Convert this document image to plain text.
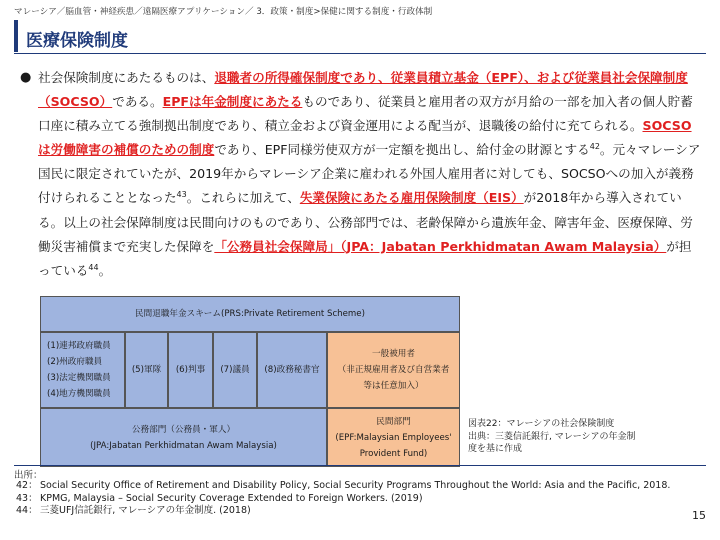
マレーシア／脳血管・神経疾患／遠隔医療アプリケーション／ 3．政策・制度>保健に関する制度・行政体制
医療保険制度
● 社会保険制度にあたるものは、退職者の所得確保制度であり、従業員積立基金（EPF）、および従業員社会保障制度（SOCSO）である。EPFは年金制度にあたるものであり、従業員と雇用者の双方が月給の一部を加入者の個人貯蓄口座に積み立てる強制拠出制度であり、積立金および資金運用による配当が、退職後の給付に充てられる。SOCSOは労働障害の補償のための制度であり、EPF同様労使双方が一定額を拠出し、給付金の財源とする$^{42}$。元々マレーシア国民に限定されていたが、2019年からマレーシア企業に雇われる外国人雇用者に対しても、SOCSOへの加入が義務付けられることとなった$^{43}$。これらに加えて、失業保険にあたる雇用保険制度（EIS）が2018年から導入されている。以上の社会保障制度は民間向けのものであり、公務部門では、老齢保障から遺族年金、障害年金、医療保障、労働災害補償まで充実した保障を「公務員社会保障局」（JPA：Jabatan Perkhidmatan Awam Malaysia）が担っている$^{44}$。
民間退職年金スキーム(PRS:Private Retirement Scheme)
(1)連邦政府職員
(2)州政府職員
(3)法定機関職員
(4)地方機関職員
(5)軍隊 (6)判事 (7)議員 (8)政務秘書官
一般被用者
（非正規雇用者及び自営業者
等は任意加入）
公務部門（公務員・軍人）
(JPA:Jabatan Perkhidmatan Awam Malaysia)
民間部門
(EPF:Malaysian Employees'
Provident Fund)
図表22：マレーシアの社会保険制度
出典：三菱信託銀行, マレーシアの年金制
度を基に作成
出所：
42： Social Security Office of Retirement and Disability Policy, Social Security Programs Throughout the World: Asia and the Pacific, 2018.
43： KPMG, Malaysia – Social Security Coverage Extended to Foreign Workers. (2019)
44： 三菱UFJ信託銀行, マレーシアの年金制度. (2018)	15
